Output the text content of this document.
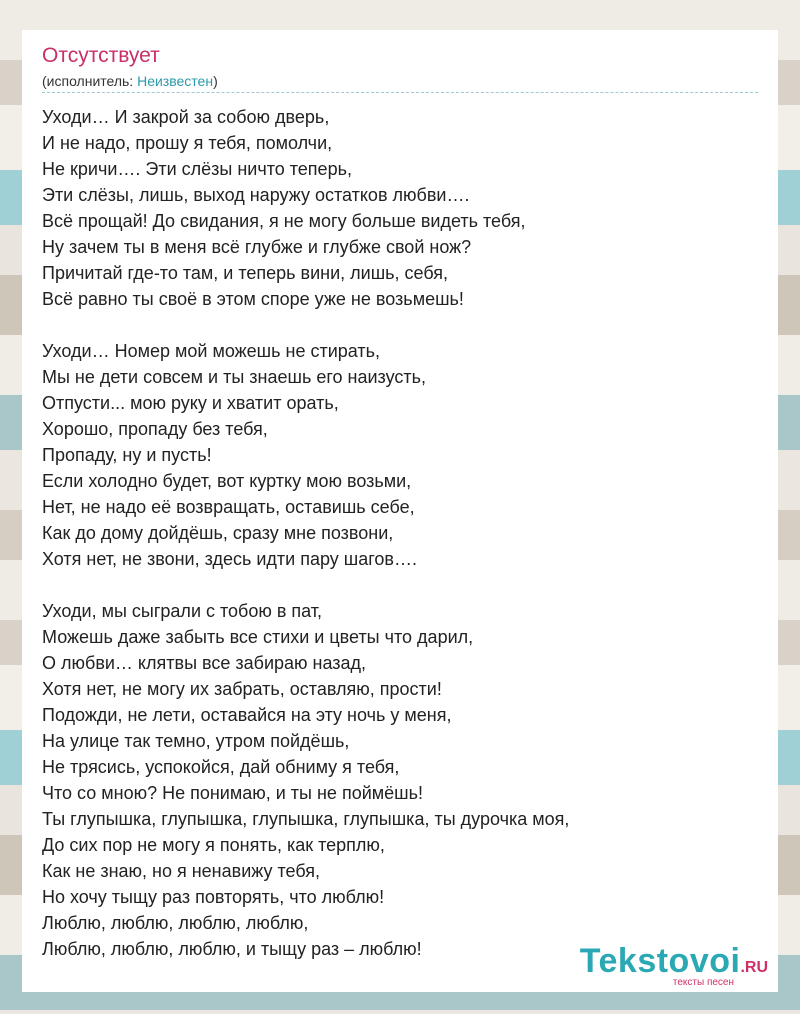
Отсутствует
(исполнитель: Неизвестен)
Уходи… И закрой за собою дверь,
И не надо, прошу я тебя, помолчи,
Не кричи…. Эти слёзы ничто теперь,
Эти слёзы, лишь, выход наружу остатков любви….
Всё прощай! До свидания, я не могу больше видеть тебя,
Ну зачем ты в меня всё глубже и глубже свой нож?
Причитай где-то там, и теперь вини, лишь, себя,
Всё равно ты своё в этом споре уже не возьмешь!
Уходи… Номер мой можешь не стирать,
Мы не дети совсем и ты знаешь его наизусть,
Отпусти... мою руку и хватит орать,
Хорошо, пропаду без тебя,
Пропаду, ну и пусть!
Если холодно будет, вот куртку мою возьми,
Нет, не надо её возвращать, оставишь себе,
Как до дому дойдёшь, сразу мне позвони,
Хотя нет, не звони, здесь идти пару шагов….
Уходи, мы сыграли с тобою в пат,
Можешь даже забыть все стихи и цветы что дарил,
О любви… клятвы все забираю назад,
Хотя нет, не могу их забрать, оставляю, прости!
Подожди, не лети, оставайся на эту ночь у меня,
На улице так темно, утром пойдёшь,
Не трясись, успокойся, дай обниму я тебя,
Что со мною? Не понимаю, и ты не поймёшь!
Ты глупышка, глупышка, глупышка, глупышка, ты дурочка моя,
До сих пор не могу я понять, как терплю,
Как не знаю, но я ненавижу тебя,
Но хочу тыщу раз повторять, что люблю!
Люблю, люблю, люблю, люблю,
Люблю, люблю, люблю, и тыщу раз – люблю!	Tekstovoi.RU
тексты песен
